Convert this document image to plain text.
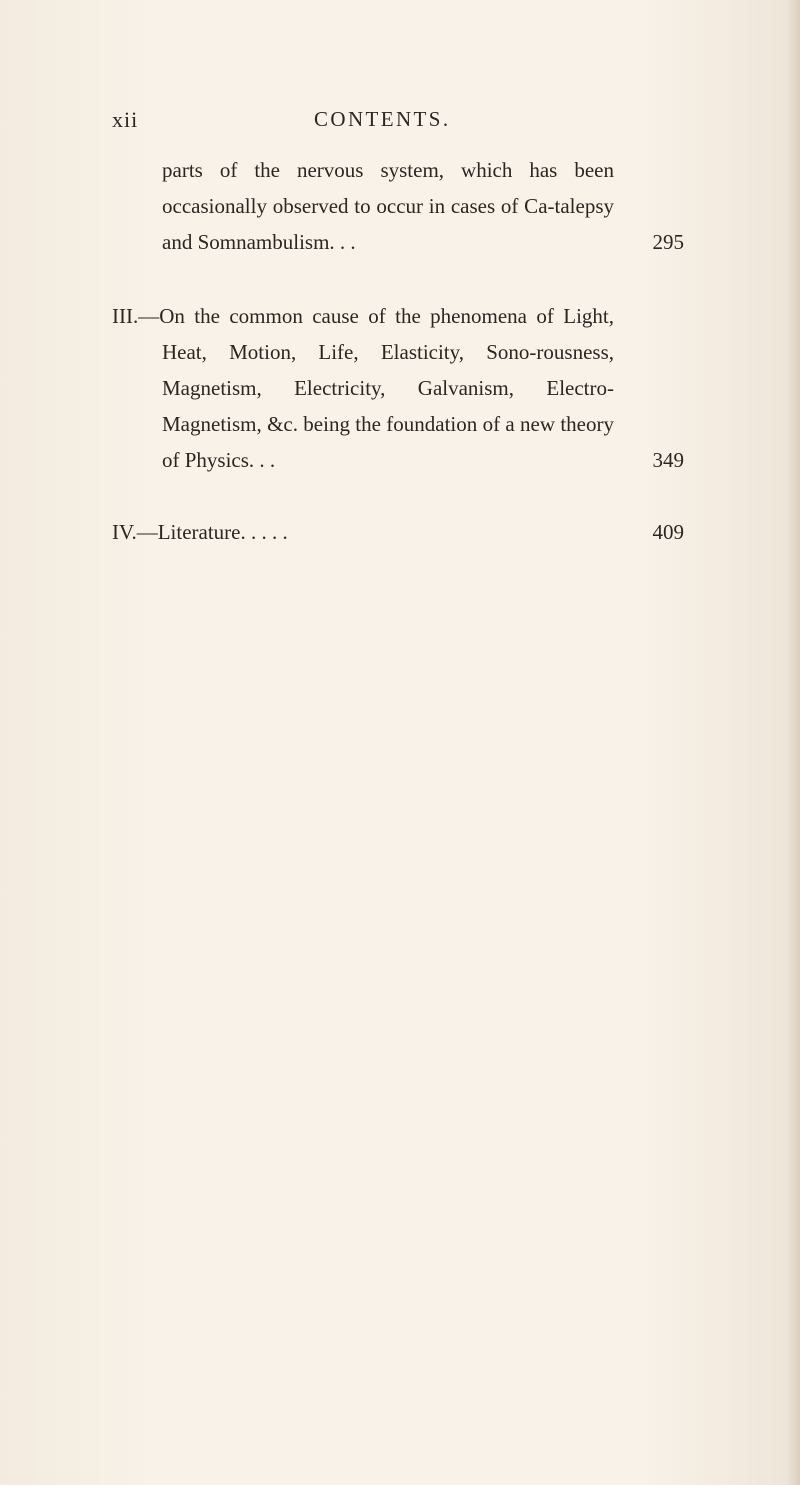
xii	CONTENTS.
parts of the nervous system, which has been occasionally observed to occur in cases of Ca-talepsy and Somnambulism. . .	295
III.—On the common cause of the phenomena of Light, Heat, Motion, Life, Elasticity, Sono-rousness, Magnetism, Electricity, Galvanism, Electro-Magnetism, &c. being the foundation of a new theory of Physics. . .	349
IV.—Literature. . . . .	409
